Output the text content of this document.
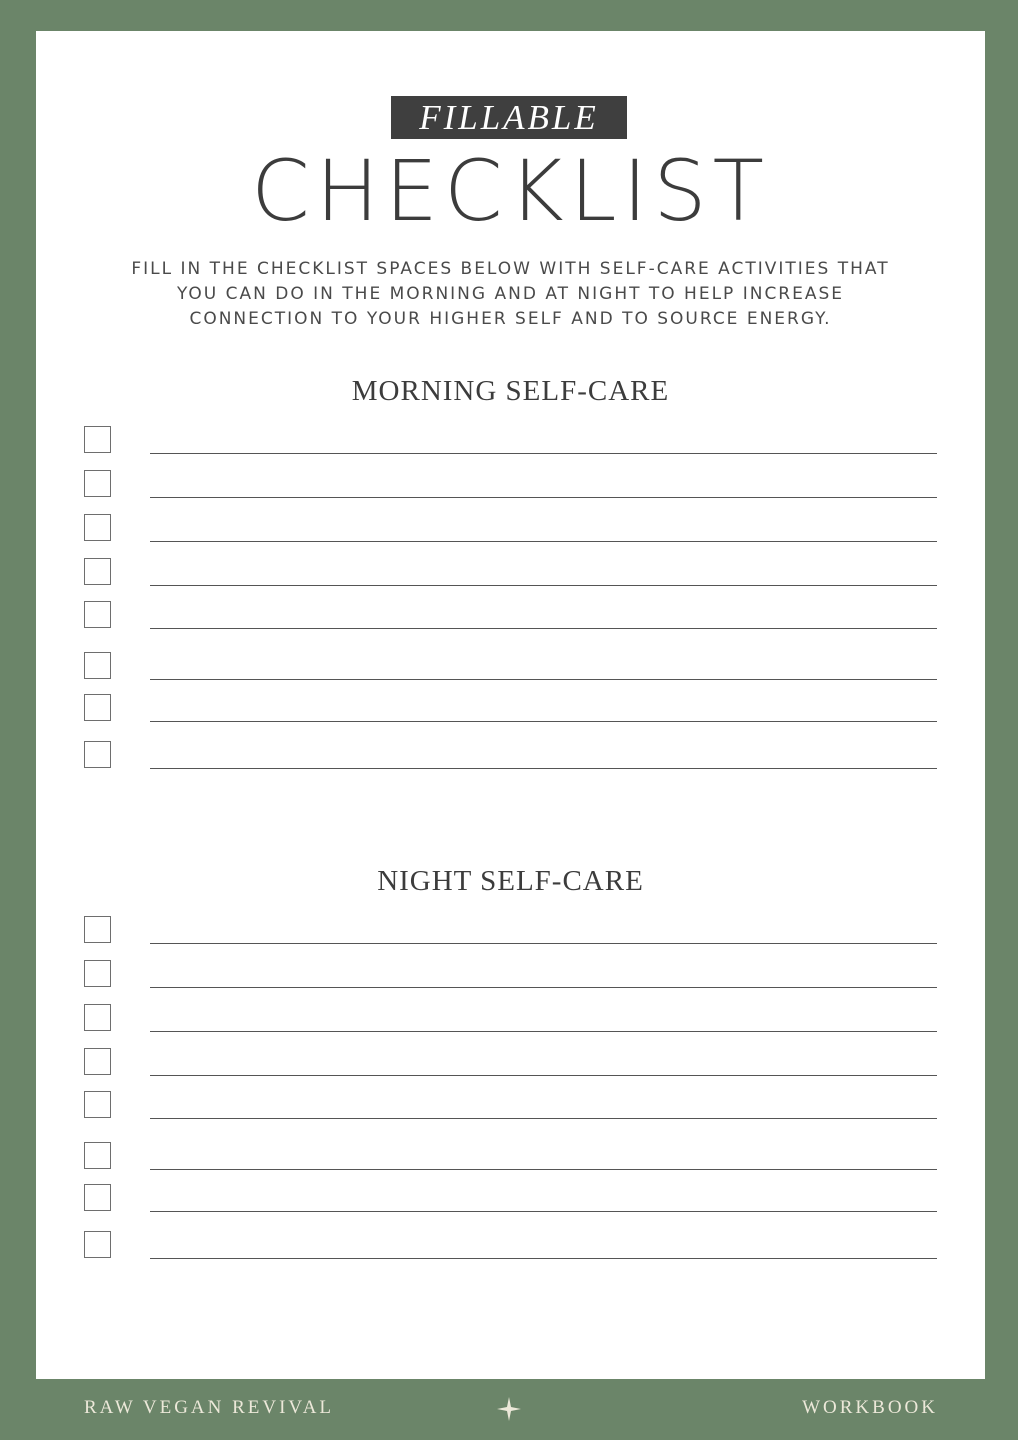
FILLABLE
CHECKLIST
FILL IN THE CHECKLIST SPACES BELOW WITH SELF-CARE ACTIVITIES THAT
YOU CAN DO IN THE MORNING AND AT NIGHT TO HELP INCREASE
CONNECTION TO YOUR HIGHER SELF AND TO SOURCE ENERGY.
MORNING SELF-CARE
NIGHT SELF-CARE
RAW VEGAN REVIVAL	WORKBOOK
